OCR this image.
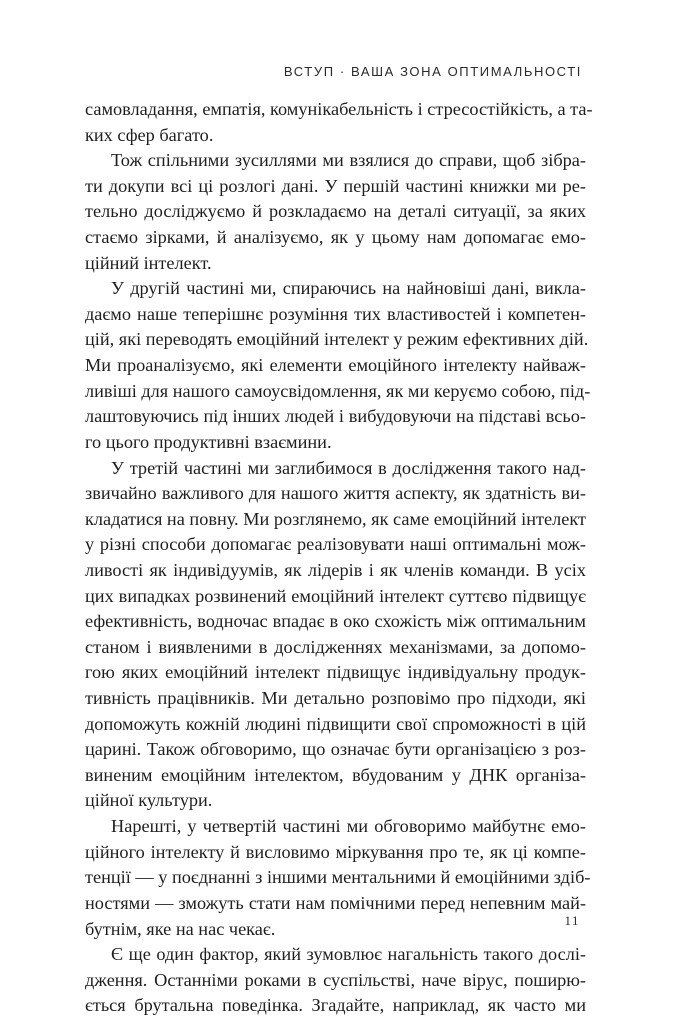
ВСТУП · ВАША ЗОНА ОПТИМАЛЬНОСТІ
самовладання, емпатія, комунікабельність і стресостійкість, а та-
ких сфер багато.
Тож спільними зусиллями ми взялися до справи, щоб зібра-
ти докупи всі ці розлогі дані. У першій частині книжки ми ре-
тельно досліджуємо й розкладаємо на деталі ситуації, за яких
стаємо зірками, й аналізуємо, як у цьому нам допомагає емо-
ційний інтелект.
У другій частині ми, спираючись на найновіші дані, виклa-
даємо наше теперішнє розуміння тих властивостей і компетен-
цій, які переводять емоційний інтелект у режим ефективних дій.
Ми проаналізуємо, які елементи емоційного інтелекту найваж-
ливіші для нашого самоусвідомлення, як ми керуємо собою, під-
лаштовуючись під інших людей і вибудовуючи на підставі всьо-
го цього продуктивні взаємини.
У третій частині ми заглибимося в дослідження такого над-
звичайно важливого для нашого життя аспекту, як здатність ви-
кладатися на повну. Ми розглянемо, як саме емоційний інтелект
у різні способи допомагає реалізовувати наші оптимальні мож-
ливості як індивідуумів, як лідерів і як членів команди. В усіх
цих випадках розвинений емоційний інтелект суттєво підвищує
ефективність, водночас впадає в око схожість між оптимальним
станом і виявленими в дослідженнях механізмами, за допомо-
гою яких емоційний інтелект підвищує індивідуальну продук-
тивність працівників. Ми детально розповімо про підходи, які
допоможуть кожній людині підвищити свої спроможності в цій
царині. Також обговоримо, що означає бути організацією з роз-
виненим емоційним інтелектом, вбудованим у ДНК організа-
ційної культури.
Нарешті, у четвертій частині ми обговоримо майбутнє емо-
ційного інтелекту й висловимо міркування про те, як ці компе-
тенції — у поєднанні з іншими ментальними й емоційними здіб-
ностями — зможуть стати нам помічними перед непевним май-
бутнім, яке на нас чекає.
Є ще один фактор, який зумовлює нагальність такого дослі-
дження. Останніми роками в суспільстві, наче вірус, поширю-
ється брутальна поведінка. Згадайте, наприклад, як часто ми
11
